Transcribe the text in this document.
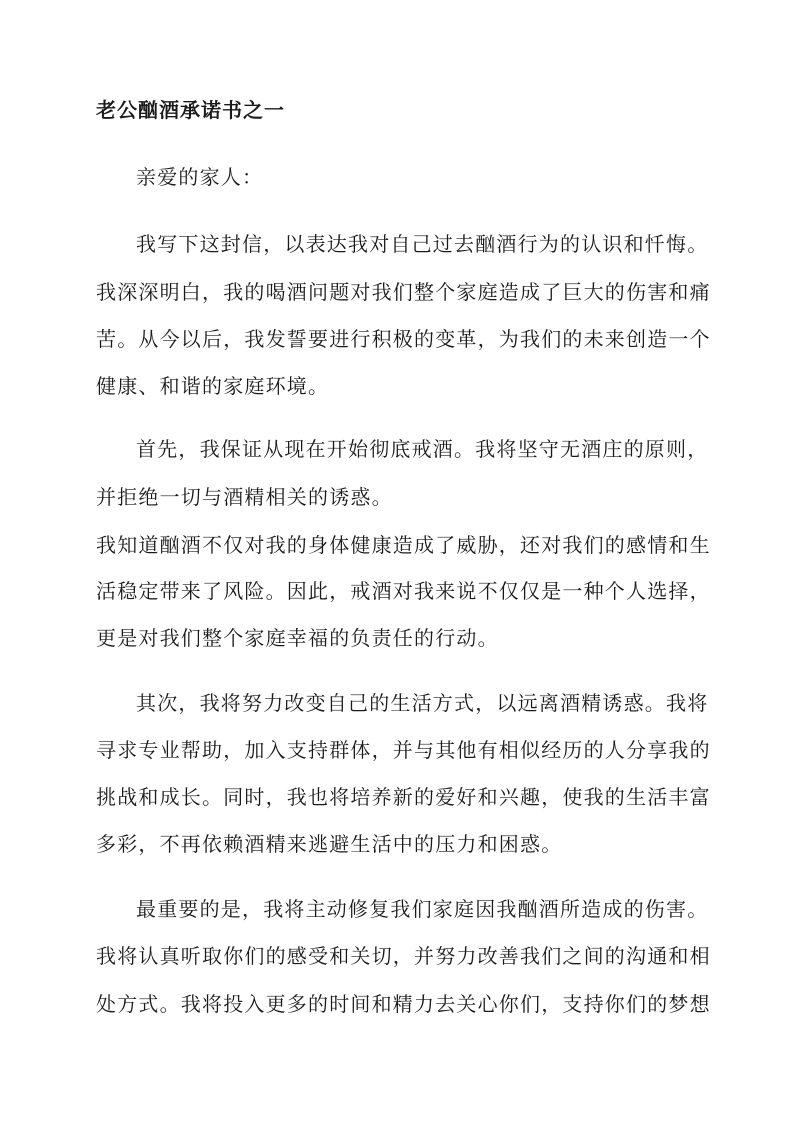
老公酗酒承诺书之一

亲爱的家人：

我写下这封信，以表达我对自己过去酗酒行为的认识和忏悔。

我深深明白，我的喝酒问题对我们整个家庭造成了巨大的伤害和痛

苦。从今以后，我发誓要进行积极的变革，为我们的未来创造一个

健康、和谐的家庭环境。

首先，我保证从现在开始彻底戒酒。我将坚守无酒庄的原则，

并拒绝一切与酒精相关的诱惑。

我知道酗酒不仅对我的身体健康造成了威胁，还对我们的感情和生

活稳定带来了风险。因此，戒酒对我来说不仅仅是一种个人选择，

更是对我们整个家庭幸福的负责任的行动。

其次，我将努力改变自己的生活方式，以远离酒精诱惑。我将

寻求专业帮助，加入支持群体，并与其他有相似经历的人分享我的

挑战和成长。同时，我也将培养新的爱好和兴趣，使我的生活丰富

多彩，不再依赖酒精来逃避生活中的压力和困惑。

最重要的是，我将主动修复我们家庭因我酗酒所造成的伤害。

我将认真听取你们的感受和关切，并努力改善我们之间的沟通和相

处方式。我将投入更多的时间和精力去关心你们，支持你们的梦想
